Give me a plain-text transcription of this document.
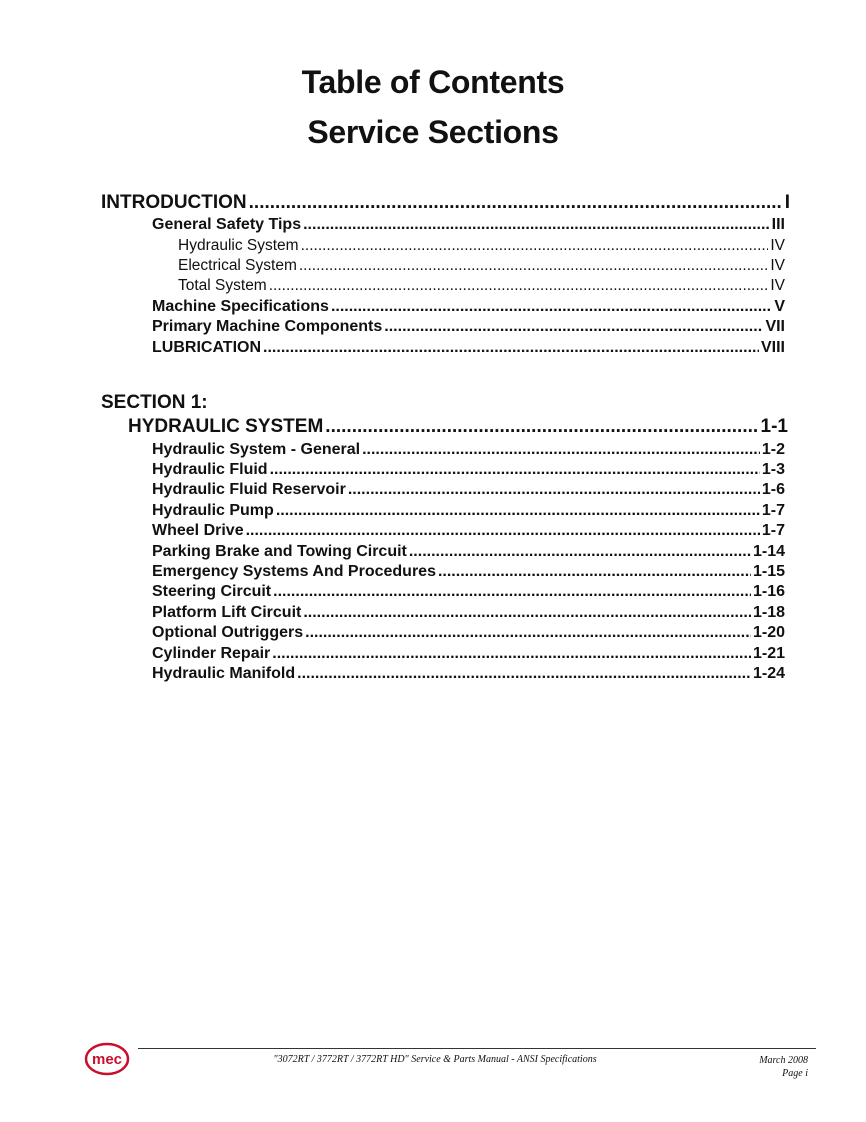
Table of Contents
Service Sections
INTRODUCTION .....	I
General Safety Tips .....	III
Hydraulic System .....	IV
Electrical System .....	IV
Total System .....	IV
Machine Specifications .....	V
Primary Machine Components .....	VII
LUBRICATION .....	VIII
SECTION 1:
HYDRAULIC SYSTEM .....	1-1
Hydraulic System - General .....	1-2
Hydraulic Fluid .....	1-3
Hydraulic Fluid Reservoir .....	1-6
Hydraulic Pump .....	1-7
Wheel Drive .....	1-7
Parking Brake and Towing Circuit .....	1-14
Emergency Systems And Procedures .....	1-15
Steering Circuit .....	1-16
Platform Lift Circuit .....	1-18
Optional Outriggers .....	1-20
Cylinder Repair .....	1-21
Hydraulic Manifold .....	1-24
mec	"3072RT / 3772RT / 3772RT HD" Service & Parts Manual - ANSI Specifications	March 2008
Page i
